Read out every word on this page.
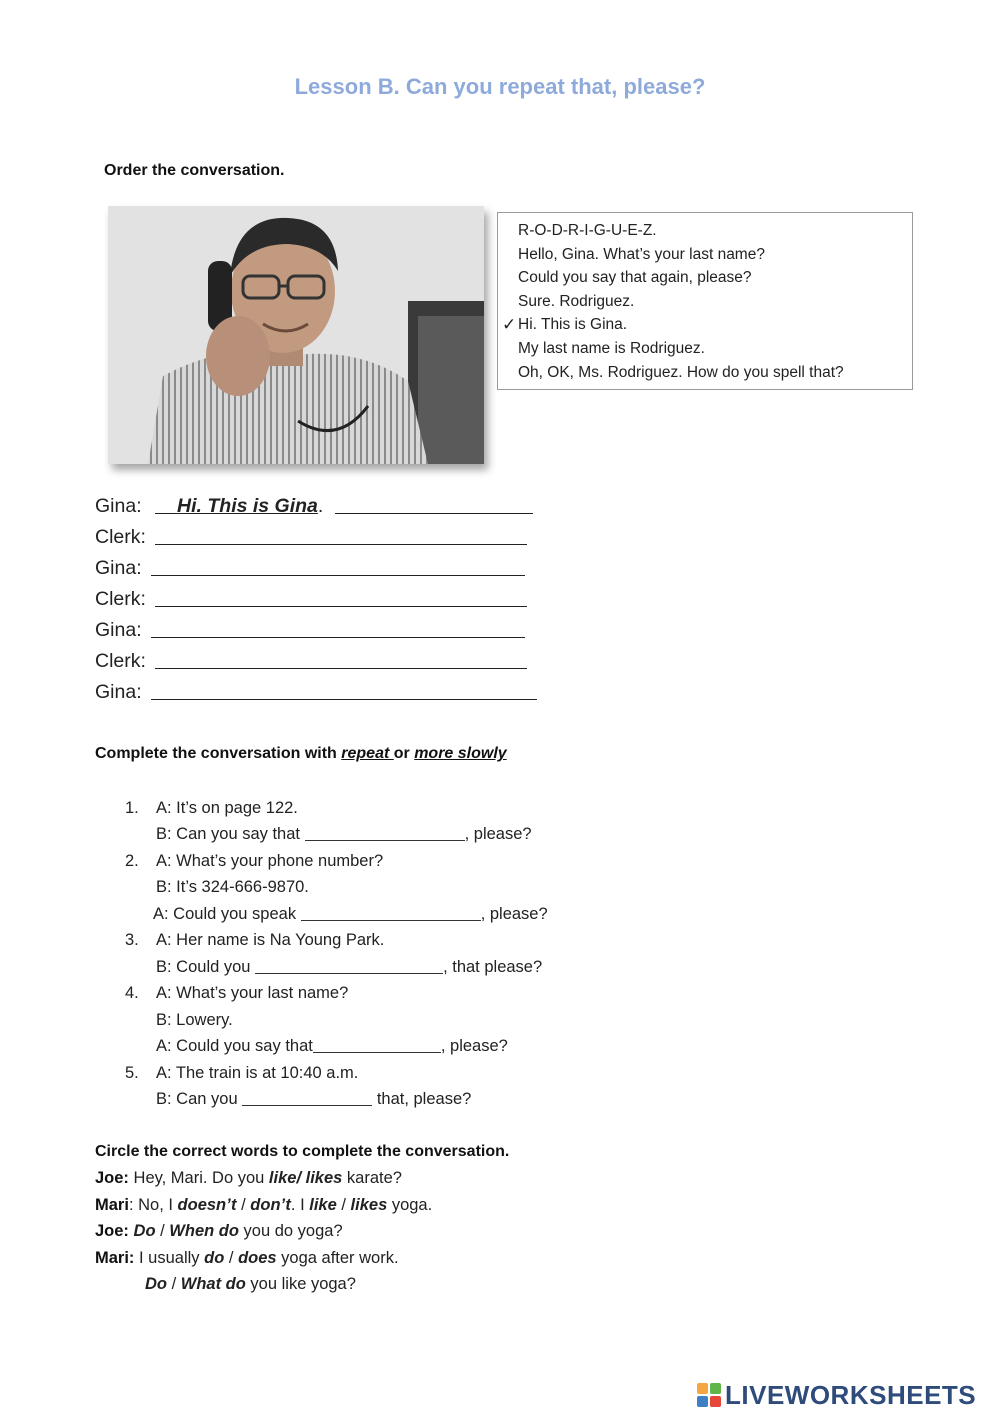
Lesson B. Can you repeat that, please?
Order the conversation.
R-O-D-R-I-G-U-E-Z.
Hello, Gina. What’s your last name?
Could you say that again, please?
Sure. Rodriguez.
✓ Hi. This is Gina.
My last name is Rodriguez.
Oh, OK, Ms. Rodriguez. How do you spell that?
Gina: Hi. This is Gina.
Clerk:
Gina:
Clerk:
Gina:
Clerk:
Gina:
Complete the conversation with repeat or more slowly
1. A: It’s on page 122.
B: Can you say that	, please?
2. A: What’s your phone number?
B: It’s 324-666-9870.
A: Could you speak	, please?
3. A: Her name is Na Young Park.
B: Could you	, that please?
4. A: What’s your last name?
B: Lowery.
A: Could you say that	, please?
5. A: The train is at 10:40 a.m.
B: Can you	that, please?
Circle the correct words to complete the conversation.
Joe: Hey, Mari. Do you like/ likes karate?
Mari: No, I doesn’t / don’t. I like / likes yoga.
Joe: Do / When do you do yoga?
Mari: I usually do / does yoga after work.
Do / What do you like yoga?
LIVEWORKSHEETS
